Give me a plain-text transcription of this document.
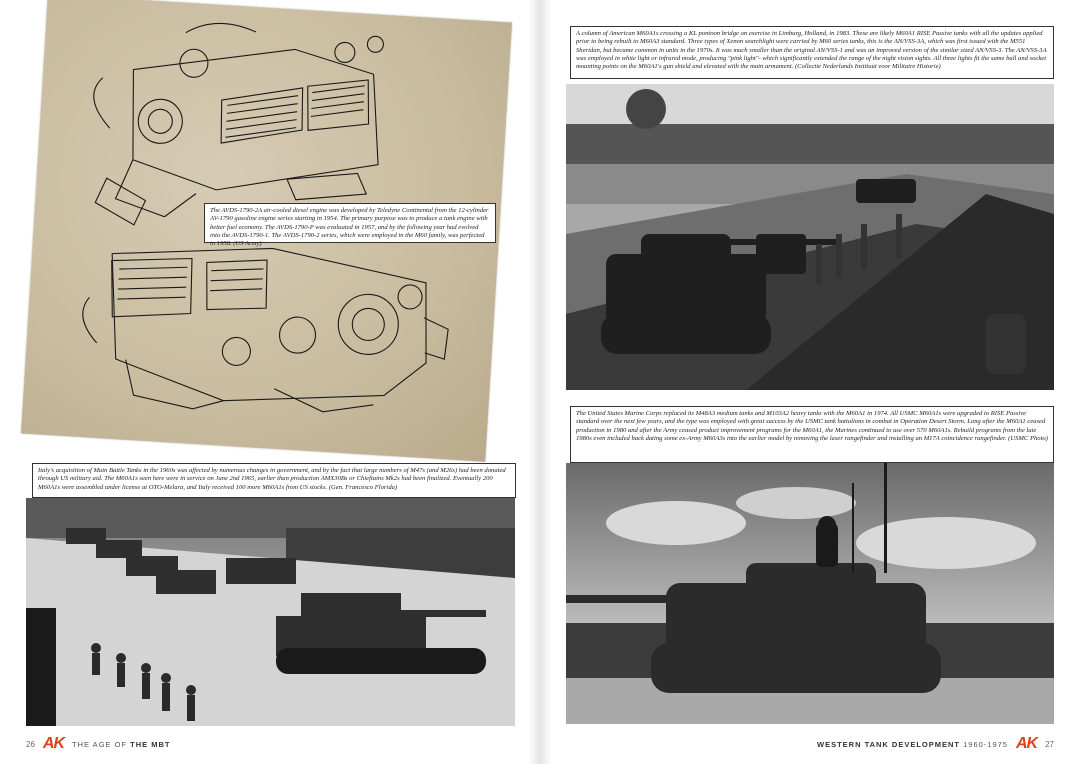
The AVDS-1790-2A air-cooled diesel engine was developed by Teledyne Continental from the 12-cylinder AV-1790 gasoline engine series starting in 1954. The primary purpose was to produce a tank engine with better fuel economy. The AVDS-1790-P was evaluated in 1957, and by the following year had evolved into the AVDS-1790-1. The AVDS-1790-2 series, which were employed in the M60 family, was perfected in 1958. (US Army)
Italy's acquisition of Main Battle Tanks in the 1960s was affected by numerous changes in government, and by the fact that large numbers of M47s (and M26s) had been donated through US military aid. The M60A1s seen here were in service on June 2nd 1965, earlier than production AMX30Bs or Chieftains Mk2s had been finalized. Eventually 200 M60A1s were assembled under license at OTO-Melara, and Italy received 100 more M60A1s from US stocks. (Gen. Francesco Florida)
26 AK THE AGE OF
THE MBT
A column of American M60A1s crossing a KL pontoon bridge on exercise in Limburg, Holland, in 1983. These are likely M60A1 RISE Passive tanks with all the updates applied prior to being rebuilt to M60A3 standard. Three types of Xenon searchlight were carried by M60 series tanks, this is the AN/VSS-3A, which was first issued with the M551 Sheridan, but became common in units in the 1970s. It was much smaller than the original AN/VSS-1 and was an improved version of the similar sized AN/VSS-3. The AN/VSS-3A was employed in white light or infrared mode, producing "pink light"- which significantly extended the range of the night vision sights. All three lights fit the same ball and socket mounting points on the M60A1's gun shield and elevated with the main armament. (Collectie Nederlands Instituut voor Militaire Historie)
The United States Marine Corps replaced its M48A3 medium tanks and M103A2 heavy tanks with the M60A1 in 1974. All USMC M60A1s were upgraded to RISE Passive standard over the next few years, and the type was employed with great success by the USMC tank battalions in combat in Operation Desert Storm. Long after the M60A1 ceased production in 1980 and after the Army ceased product improvement programs for the M60A1, the Marines continued to use over 570 M60A1s. Rebuild programs from the late 1980s even included back dating some ex-Army M60A3s into the earlier model by removing the laser rangefinder and installing an M17A coincidence rangefinder. (USMC Photo)
WESTERN TANK DEVELOPMENT
1960-1975 AK 27
